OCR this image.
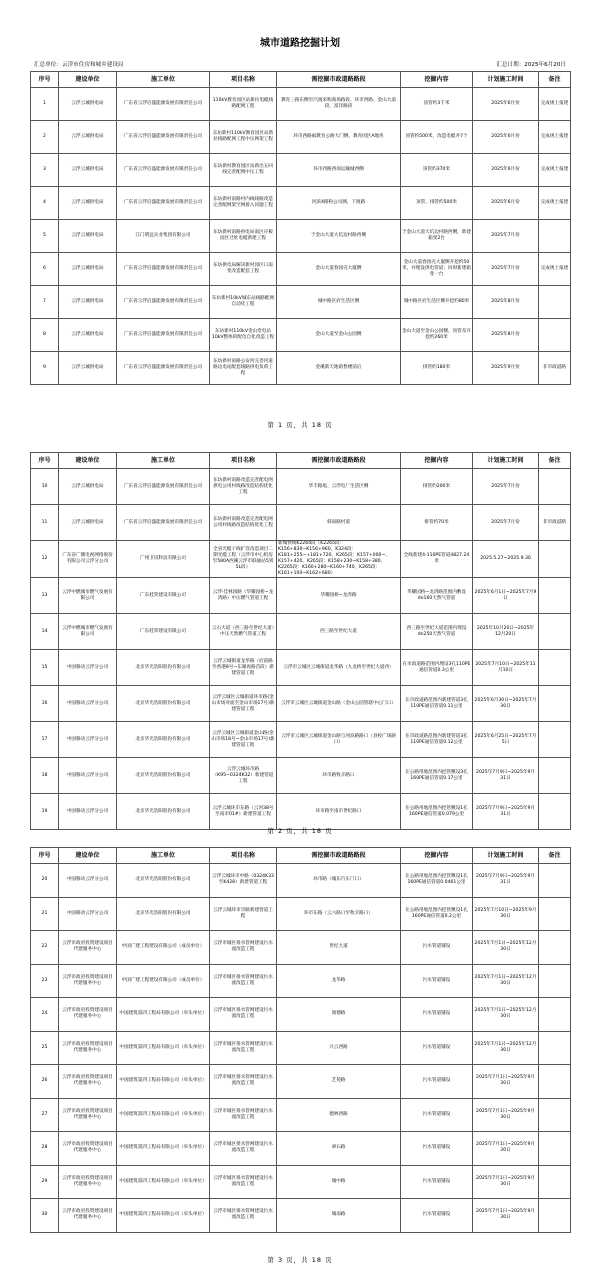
城市道路挖掘计划
汇总单位：云浮市住房和城乡建设局	汇总日期：2025年6月20日
序号	建设单位	施工单位	项目名称	需挖掘市政道路路段	挖掘内容	计划施工时间	备注
1	云浮云城供电局	广东省云浮启盛能源发展有限责任公司	110kV教育园区站新拉电缆线路配网工程	教育三路东侧至汽渡采购商场路段、环市西路、金山大道段、富洋路段	顶管约3千米	2025年6月份	完成规土报建
2	云浮云城供电局	广东省云浮启盛能源发展有限责任公司	东坊新村110kV教育园区站新拉线路配网工程中压网架工程	环市西路福教育公路大门侧、教育园区A地块	顶管约500米，改造电缆井7个	2025年6月份	完成规土报建
3	云浮云城供电局	广东省云浮启盛能源发展有限责任公司	东坊新村教育园区站新出五回线完善配网中压工程	环市西路西岗运输城西侧	顶管约370米	2025年6月份	完成规土报建
4	云浮云城供电局	广东省云浮启盛能源发展有限责任公司	东坊新村南路村内线线路改造完善配网架空网接入问题工程	河滨4路粉公司测，下渡路	顶管、排管约500米	2025年6月份	完成规土报建
5	云浮云城供电局	江门明远实业集团有限公司	东坊新村南路供电局南区应板园区迁址电缆新建工程	于金山大道大坑边村路西侧	于金山大道大坑边村路西侧，新建箱变2台	2025年7月份	
6	云浮云城供电局	广东省云浮启盛能源发展有限责任公司	东坊供电局解决新村园区口南变改造配套工程	金山大道春园壳大厦侧	金山大道春园壳大厦侧开挖约50米，并埋设供电管道；同时新建箱变一台	2025年7月份	完成规土报建
7	云浮云城供电局	广东省云浮启盛能源发展有限责任公司	东坊新村10kV城东站线路配网自动化工程	城中路区府生活区侧	城中路区府生活区侧开挖约80米	2025年8月份	
8	云浮云城供电局	广东省云浮启盛能源发展有限责任公司	东坊新村110kV金山变电站10kV整体转配电自化改造工程	金山大道至金山公园侧	金山大道至金山公园侧，顶管及开挖约260米	2025年8月份	
9	云浮云城供电局	广东省云浮启盛能源发展有限责任公司	东坊新村南路公安河完善河道路边电站配套线路供电负荷工程	金溪新天地销售楼前后	排管约180米	2025年9月份	非市政道路
第 1 页，共 18 页
序号	建设单位	施工单位	项目名称	需挖掘市政道路路段	挖掘内容	计划施工时间	备注
10	云浮云城供电局	广东省云浮启盛能源发展有限责任公司	东坊新村南路改造完善配电网供电公用村线路改造结构优化工程	华丰路尾、云浮电厂生活区侧	排管约200米	2025年7月份	
11	云浮云城供电局	广东省云浮启盛能源发展有限责任公司	东坊新村南路改造完善配电网公用村线路改造结构优化工程	韩南路村道	排管约70米	2025年7月份	非市政道路
12	广东省广播电视网络股份有限公司云浮分公司	广州卫讯科技有限公司	全省光缆干线扩容改造项目二期光缆工程（云浮市中心机房至580A西溪云浮市联通站5到5L段）	新城快线K2264段（K2265段：K156+830~K156+960、K324段：K181+255~+181+720、K265段：K157+000~、K157+420、K265段：K158+230~K158+380、K2265段：K160+280~K160+740、K265段：K161+100~K162+680）	全线新建4-110PE管道4827.24米	2025.5.27~2025.9.30	
13	云浮中燃城市燃气发展有限公司	广东桂荣建设有限公司	云浮·佳林园路（华耀园桥~龙湾路）中压燃气管道工程	华耀园桥~龙湾路	华耀园桥~龙湾路范围内敷设dn160天然气管道	2025年6月1日~2025年7月9日	
14	云浮中燃城市燃气发展有限公司	广东桂荣建设有限公司	云石大道（西三路至世纪大道）中压天然燃气管道工程	西三路至世纪大道	西三路至世纪大道范围内埋设dn250天然气管道	2025年10月20日~2025年12月20日	
15	中国移动云浮分公司	北京华光浩阳股份有限公司	云浮云城街道龙华路（府前路至香港8号~东湖再路首段）新建管道工程	云浮市云城区云城街道龙华路（九龙桥至世纪大道西）	在市政道路范围内埋设3孔110PE通信管道0.3公里	2025年7月10日~2025年11月10日	
16	中国移动云浮分公司	北京华光浩阳股份有限公司	云浮云城区云城街道环市路(金山市场对面至金山市场17号)新建管道工程	云浮市云城区云城街道金山路（金山公园管辖中心门口）	在市政道路范围内新建管道3孔110PE通信管道0.11公里	2025年6月30日~2025年7月30日	
17	中国移动云浮分公司	北京华光浩阳股份有限公司	云浮云城区云城街道金山路(金山市场18号~金山市场17号)新建管道工程	云浮市云城区云城街道金山路与河滨路路口（县校广场路口）	在市政道路范围内新建管道3孔110PE通信管道0.12公里	2025年6月25日~2025年7月5日	
18	中国移动云浮分公司	北京华光浩阳股份有限公司	云浮云城环市路（K95~0324K32）新建管道工程	环市路牧羊路口	在公路用地范围内挖管敷设3孔160PE通信管道0.17公里	2025年7月9日~2025年9月31日	
19	中国移动云浮分公司	北京华光浩阳股份有限公司	云浮云城环市东路（云河38号至南市01#）新建管道工程	环市路至南市世纪路口	在公路用地范围内挖管敷设1孔160PE通信管道0.079公里	2025年7月9日~2025年9月31日	
第 2 页，共 18 页
序号	建设单位	施工单位	项目名称	需挖掘市政道路路段	挖掘内容	计划施工时间	备注
20	中国移动云浮分公司	北京华光浩阳股份有限公司	云浮云城环市中路（0324K33至K428）新建管道工程	环市路（城东汽车门口）	在公路用地范围内挖管敷设1孔160PE通信管道0.0461公里	2025年7月9日~2025年9月31日	
21	中国移动云浮分公司	北京华光浩阳股份有限公司	云浮云城环市市路新建管道工程	环市东路（云六路口至牧羊路口）	在公路用地范围内挖管敷设1孔160PE通信管道0.2公里	2025年7月10日~2025年9月30日	
22	云浮市政府投资建设项目代建服务中心	中国广建工程建设有限公司（成员单位）	云浮市城区排水管网建设污水流改造工程	世纪大道	污水管道铺设	2025年7月1日~2025年12月30日	
23	云浮市政府投资建设项目代建服务中心	中国广建工程建设有限公司（成员单位）	云浮市城区排水管网建设污水流改造工程	龙华路	污水管道铺设	2025年7月1日~2025年12月30日	
24	云浮市政府投资建设项目代建服务中心	中国建筑第四工程局有限公司（牵头单位）	云浮市城区排水管网建设污水流改造工程	闻德路	污水管道铺设	2025年7月1日~2025年12月30日	
25	云浮市政府投资建设项目代建服务中心	中国建筑第四工程局有限公司（牵头单位）	云浮市城区排水管网建设污水流改造工程	兴云西路	污水管道铺设	2025年7月1日~2025年12月30日	
26	云浮市政府投资建设项目代建服务中心	中国建筑第四工程局有限公司（牵头单位）	云浮市城区排水管网建设污水流改造工程	艺苑路	污水管道铺设	2025年7月1日~2025年9月30日	
27	云浮市政府投资建设项目代建服务中心	中国建筑第四工程局有限公司（牵头单位）	云浮市城区排水管网建设污水流改造工程	德林西路	污水管道铺设	2025年7月1日~2025年9月30日	
28	云浮市政府投资建设项目代建服务中心	中国建筑第四工程局有限公司（牵头单位）	云浮市城区排水管网建设污水流改造工程	翠石路	污水管道铺设	2025年7月1日~2025年9月30日	
29	云浮市政府投资建设项目代建服务中心	中国建筑第四工程局有限公司（牵头单位）	云浮市城区排水管网建设污水流改造工程	城中路	污水管道铺设	2025年7月1日~2025年9月30日	
30	云浮市政府投资建设项目代建服务中心	中国建筑第四工程局有限公司（牵头单位）	云浮市城区排水管网建设污水流改造工程	城南路	污水管道铺设	2025年7月1日~2025年9月30日	
第 3 页，共 18 页
